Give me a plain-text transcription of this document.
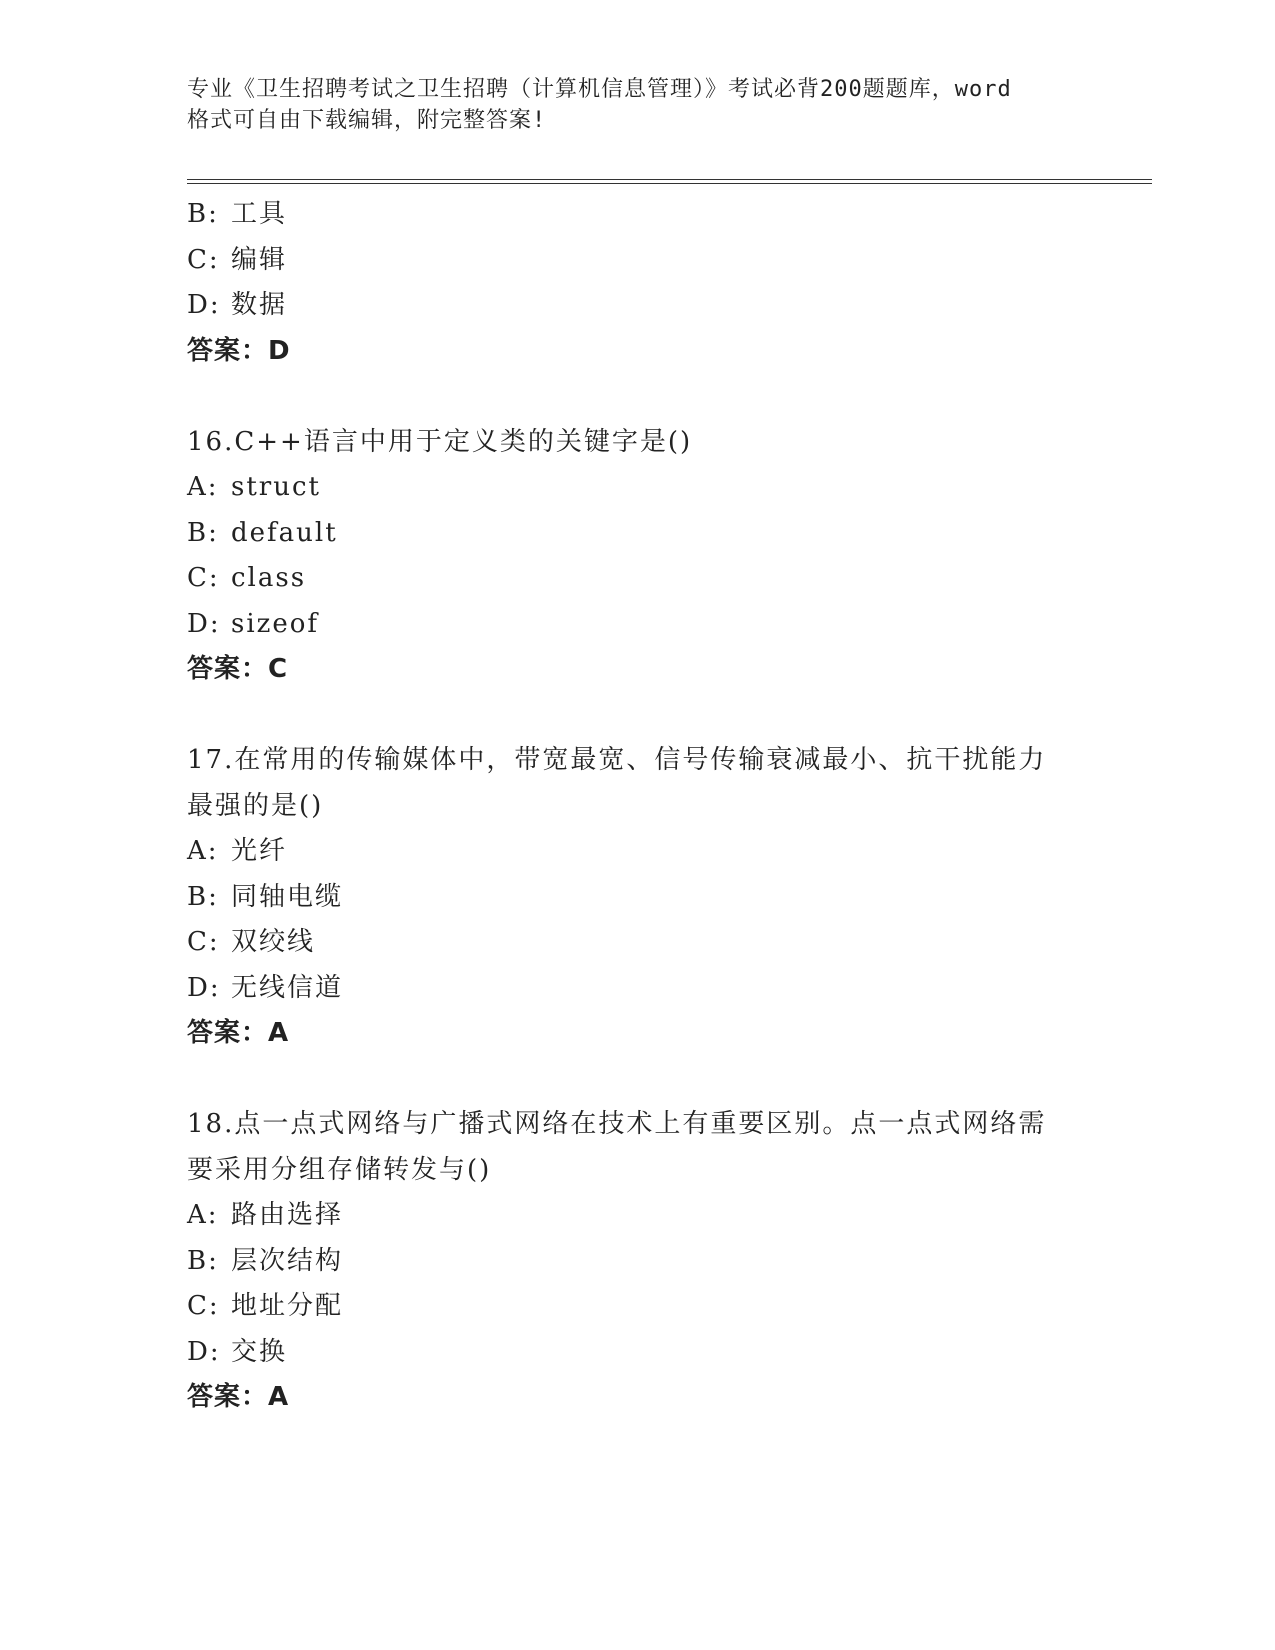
专业《卫生招聘考试之卫生招聘（计算机信息管理）》考试必背200题题库，word
格式可自由下载编辑，附完整答案!
B: 工具
C: 编辑
D: 数据
答案：D
16.C++语言中用于定义类的关键字是()
A: struct
B: default
C: class
D: sizeof
答案：C
17.在常用的传输媒体中，带宽最宽、信号传输衰减最小、抗干扰能力
最强的是()
A: 光纤
B: 同轴电缆
C: 双绞线
D: 无线信道
答案：A
18.点一点式网络与广播式网络在技术上有重要区别。点一点式网络需
要采用分组存储转发与()
A: 路由选择
B: 层次结构
C: 地址分配
D: 交换
答案：A
